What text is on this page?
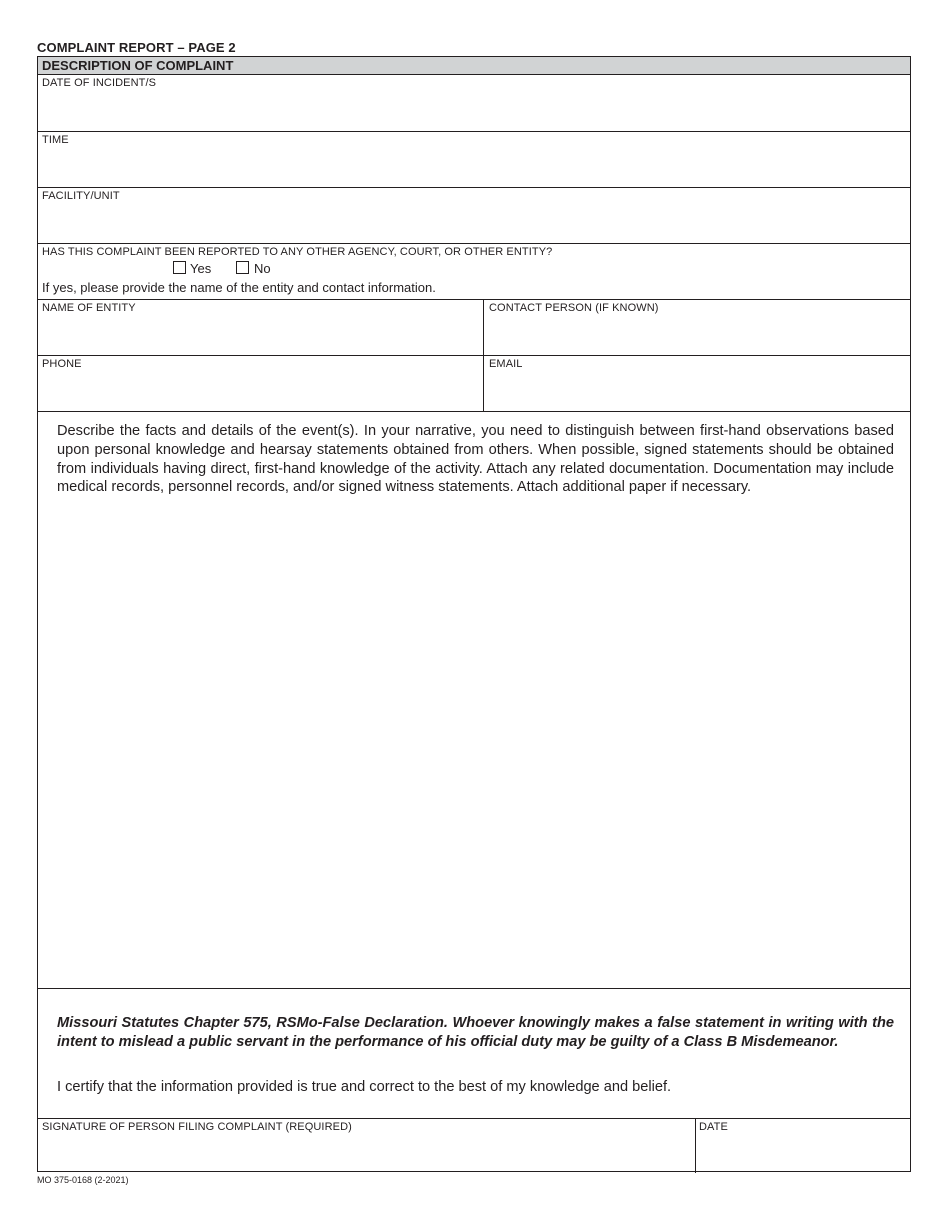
COMPLAINT REPORT – PAGE 2
DESCRIPTION OF COMPLAINT
DATE OF INCIDENT/S
TIME
FACILITY/UNIT
HAS THIS COMPLAINT BEEN REPORTED TO ANY OTHER AGENCY, COURT, OR OTHER ENTITY?
Yes	No
If yes, please provide the name of the entity and contact information.
NAME OF ENTITY	CONTACT PERSON (IF KNOWN)
PHONE	EMAIL
Describe the facts and details of the event(s). In your narrative, you need to distinguish between first-hand observations based upon personal knowledge and hearsay statements obtained from others. When possible, signed statements should be obtained from individuals having direct, first-hand knowledge of the activity. Attach any related documentation. Documentation may include medical records, personnel records, and/or signed witness statements. Attach additional paper if necessary.
Missouri Statutes Chapter 575, RSMo-False Declaration. Whoever knowingly makes a false statement in writing with the intent to mislead a public servant in the performance of his official duty may be guilty of a Class B Misdemeanor.
I certify that the information provided is true and correct to the best of my knowledge and belief.
SIGNATURE OF PERSON FILING COMPLAINT (REQUIRED)	DATE
MO 375-0168 (2-2021)
